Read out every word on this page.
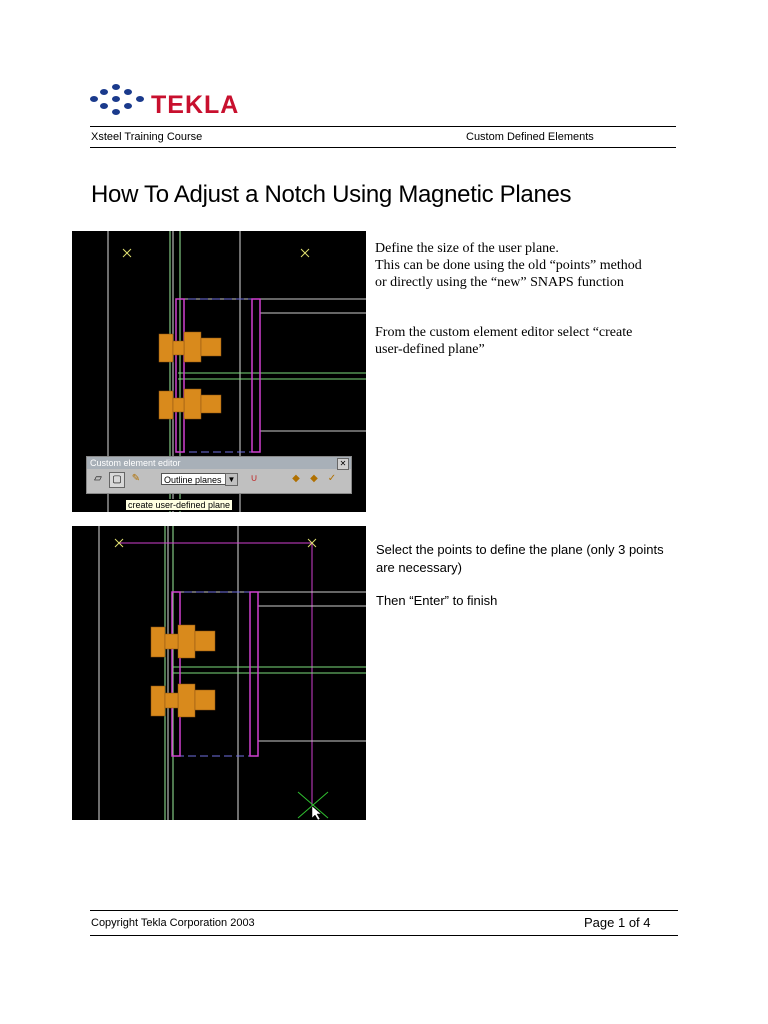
TEKLA
Xsteel Training Course	Custom Defined Elements
How To Adjust a Notch Using Magnetic Planes
Custom element editor
▱	▢	✎	Outline planes ▼	∪	◆	◆ ✓
✕
create user-defined plane
Define the size of the user plane.
This can be done using the old “points” method
or directly using the “new” SNAPS function
From the custom element editor select “create
user-defined plane”
Select the points to define the plane (only 3 points
are necessary)
Then “Enter” to finish
Copyright Tekla Corporation 2003	Page 1 of 4
